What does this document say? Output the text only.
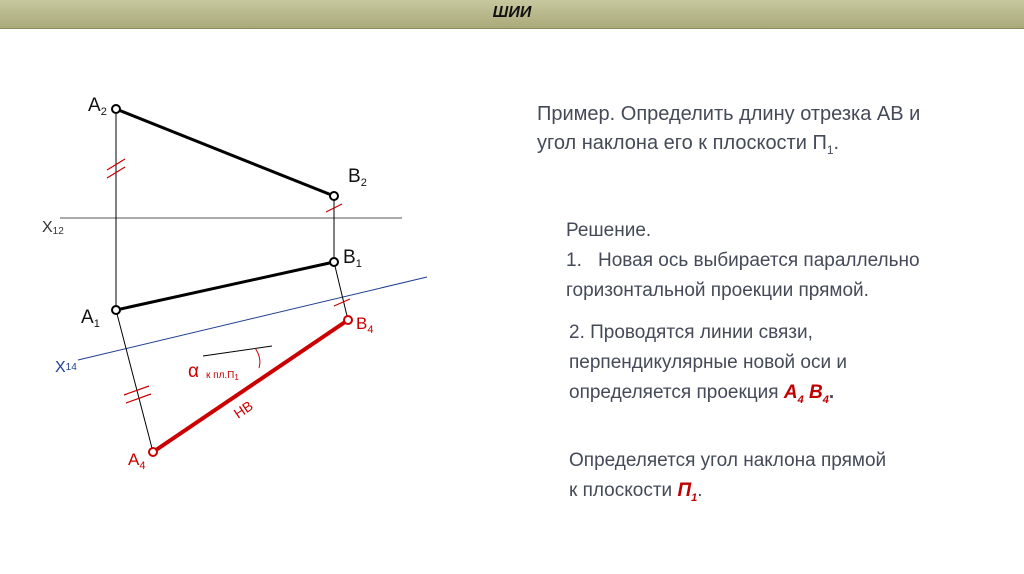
ШИИ
$A_2$
$B_2$
X12
$B_1$
$A_1$	$B_4$
X14
$A_4$
α к $пл.П_1$
НВ
Пример. Определить длину отрезка АВ и
угол наклона его к плоскости $П_1$.
Решение.
1. Новая ось выбирается параллельно
горизонтальной проекции прямой.
2. Проводятся линии связи,
перпендикулярные новой оси и
определяется проекция $А_4$ $В_4$.
Определяется угол наклона прямой
к плоскости $П_1$.
